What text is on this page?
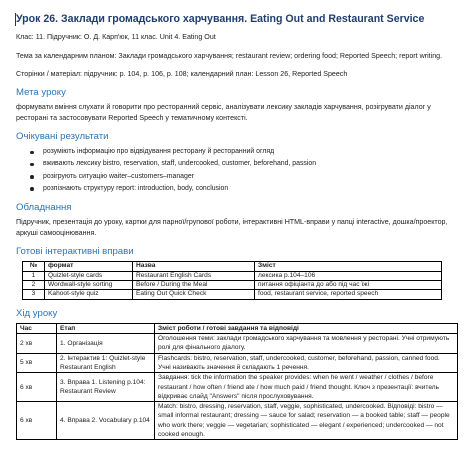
Урок 26. Заклади громадського харчування. Eating Out and Restaurant Service

Клас: 11. Підручник: О. Д. Карп'юк, 11 клас. Unit 4. Eating Out

Тема за календарним планом: Заклади громадського харчування; restaurant review; ordering food; Reported Speech; report writing.

Сторінки / матеріал: підручник: p. 104, p. 106, p. 108; календарний план: Lesson 26, Reported Speech

Мета уроку

формувати вміння слухати й говорити про ресторанний сервіс, аналізувати лексику закладів харчування, розігрувати діалог у ресторані та застосовувати Reported Speech у тематичному контексті.

Очікувані результати
розуміють інформацію про відвідування ресторану й ресторанний огляд
вживають лексику bistro, reservation, staff, undercooked, customer, beforehand, passion
розігрують ситуацію waiter–customers–manager
розпізнають структуру report: introduction, body, conclusion
Обладнання

Підручник, презентація до уроку, картки для парної/групової роботи, інтерактивні HTML-вправи у папці interactive, дошка/проектор, аркуші самооцінювання.

Готові інтерактивні вправи
№	формат	Назва	Зміст
1	Quizlet-style cards	Restaurant English Cards	лексика p.104–106
2	Wordwall-style sorting	Before / During the Meal	питання офіціанта до або під час їжі
3	Kahoot-style quiz	Eating Out Quick Check	food, restaurant service, reported speech
Хід уроку
Час	Етап	Зміст роботи / готові завдання та відповіді
2 хв	1. Організація	Оголошення теми: заклади громадського харчування та мовлення у ресторані. Учні отримують ролі для фінального діалогу.
5 хв	2. Інтерактив 1: Quizlet-style Restaurant English	Flashcards: bistro, reservation, staff, undercooked, customer, beforehand, passion, canned food. Учні називають значення й складають 1 речення.
6 хв	3. Вправа 1. Listening p.104: Restaurant Review	Завдання: tick the information the speaker provides: when he went / weather / clothes / before restaurant / how often / friend ate / how much paid / friend thought. Ключ з презентації: вчитель відкриває слайд "Answers" після прослуховування.
6 хв	4. Вправа 2. Vocabulary p.104	Match: bistro, dressing, reservation, staff, veggie, sophisticated, undercooked. Відповіді: bistro — small informal restaurant; dressing — sauce for salad; reservation — a booked table; staff — people who work there; veggie — vegetarian; sophisticated — elegant / experienced; undercooked — not cooked enough.
